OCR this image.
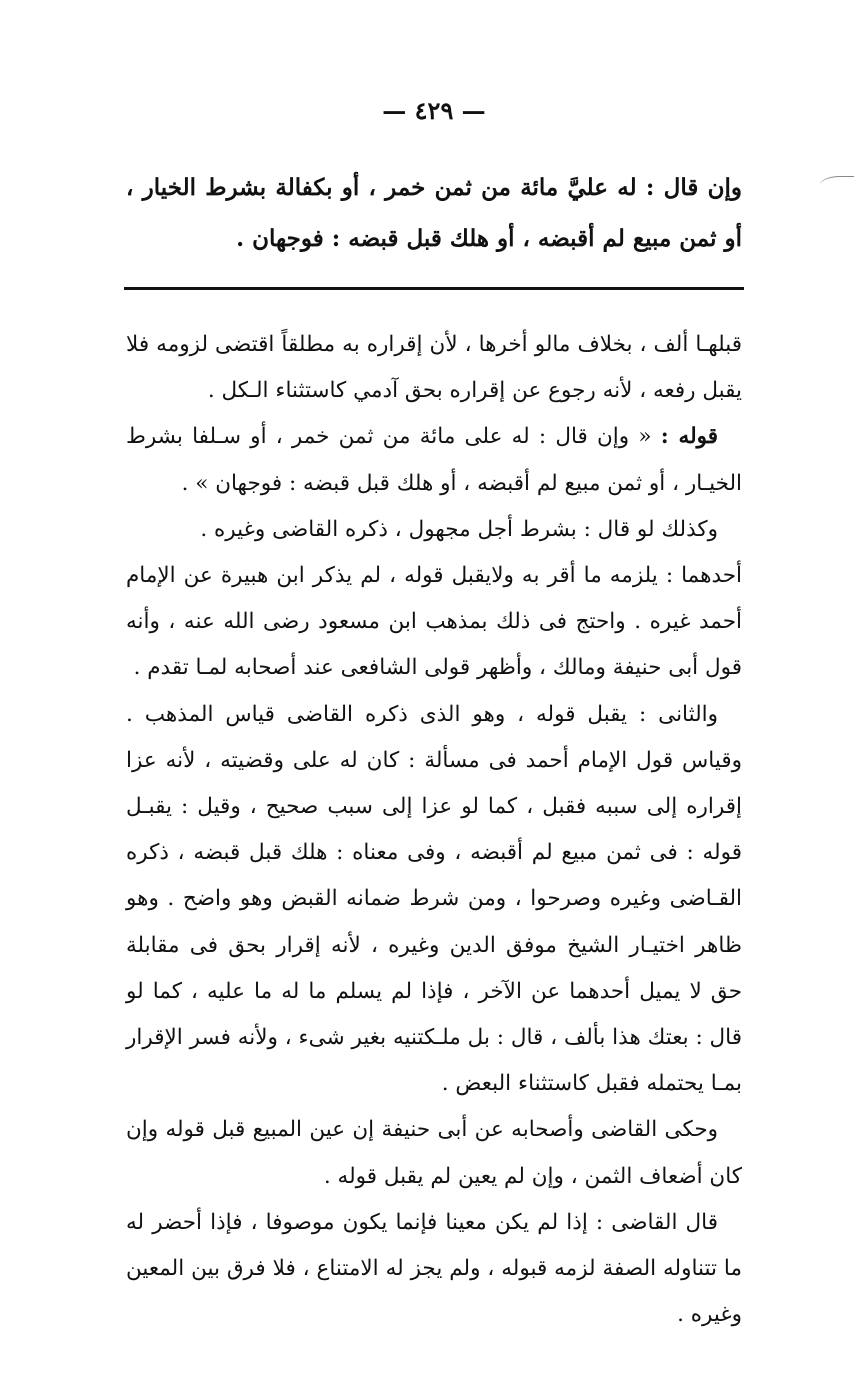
— ٤٢٩ —
وإن قال : له عليَّ مائة من ثمن خمر ، أو بكفالة بشرط الخيار ، أو ثمن مبيع لم أقبضه ، أو هلك قبل قبضه : فوجهان .

قبلهـا ألف ، بخلاف مالو أخرها ، لأن إقراره به مطلقاً اقتضى لزومه فلا يقبل رفعه ، لأنه رجوع عن إقراره بحق آدمي كاستثناء الـكل .

قوله : « وإن قال : له على مائة من ثمن خمر ، أو سـلفا بشرط الخيـار ، أو ثمن مبيع لم أقبضه ، أو هلك قبل قبضه : فوجهان » .

وكذلك لو قال : بشرط أجل مجهول ، ذكره القاضى وغيره .

أحدهما : يلزمه ما أقر به ولايقبل قوله ، لم يذكر ابن هبيرة عن الإمام أحمد غيره . واحتج فى ذلك بمذهب ابن مسعود رضى الله عنه ، وأنه قول أبى حنيفة ومالك ، وأظهر قولى الشافعى عند أصحابه لمـا تقدم .

والثانى : يقبل قوله ، وهو الذى ذكره القاضى قياس المذهب . وقياس قول الإمام أحمد فى مسألة : كان له على وقضيته ، لأنه عزا إقراره إلى سببه فقبل ، كما لو عزا إلى سبب صحيح ، وقيل : يقبـل قوله : فى ثمن مبيع لم أقبضه ، وفى معناه : هلك قبل قبضه ، ذكره القـاضى وغيره وصرحوا ، ومن شرط ضمانه القبض وهو واضح . وهو ظاهر اختيـار الشيخ موفق الدين وغيره ، لأنه إقرار بحق فى مقابلة حق لا يميل أحدهما عن الآخر ، فإذا لم يسلم ما له ما عليه ، كما لو قال : بعتك هذا بألف ، قال : بل ملـكتنيه بغير شىء ، ولأنه فسر الإقرار بمـا يحتمله فقبل كاستثناء البعض .

وحكى القاضى وأصحابه عن أبى حنيفة إن عين المبيع قبل قوله وإن كان أضعاف الثمن ، وإن لم يعين لم يقبل قوله .

قال القاضى : إذا لم يكن معينا فإنما يكون موصوفا ، فإذا أحضر له ما تتناوله الصفة لزمه قبوله ، ولم يجز له الامتناع ، فلا فرق بين المعين وغيره .
